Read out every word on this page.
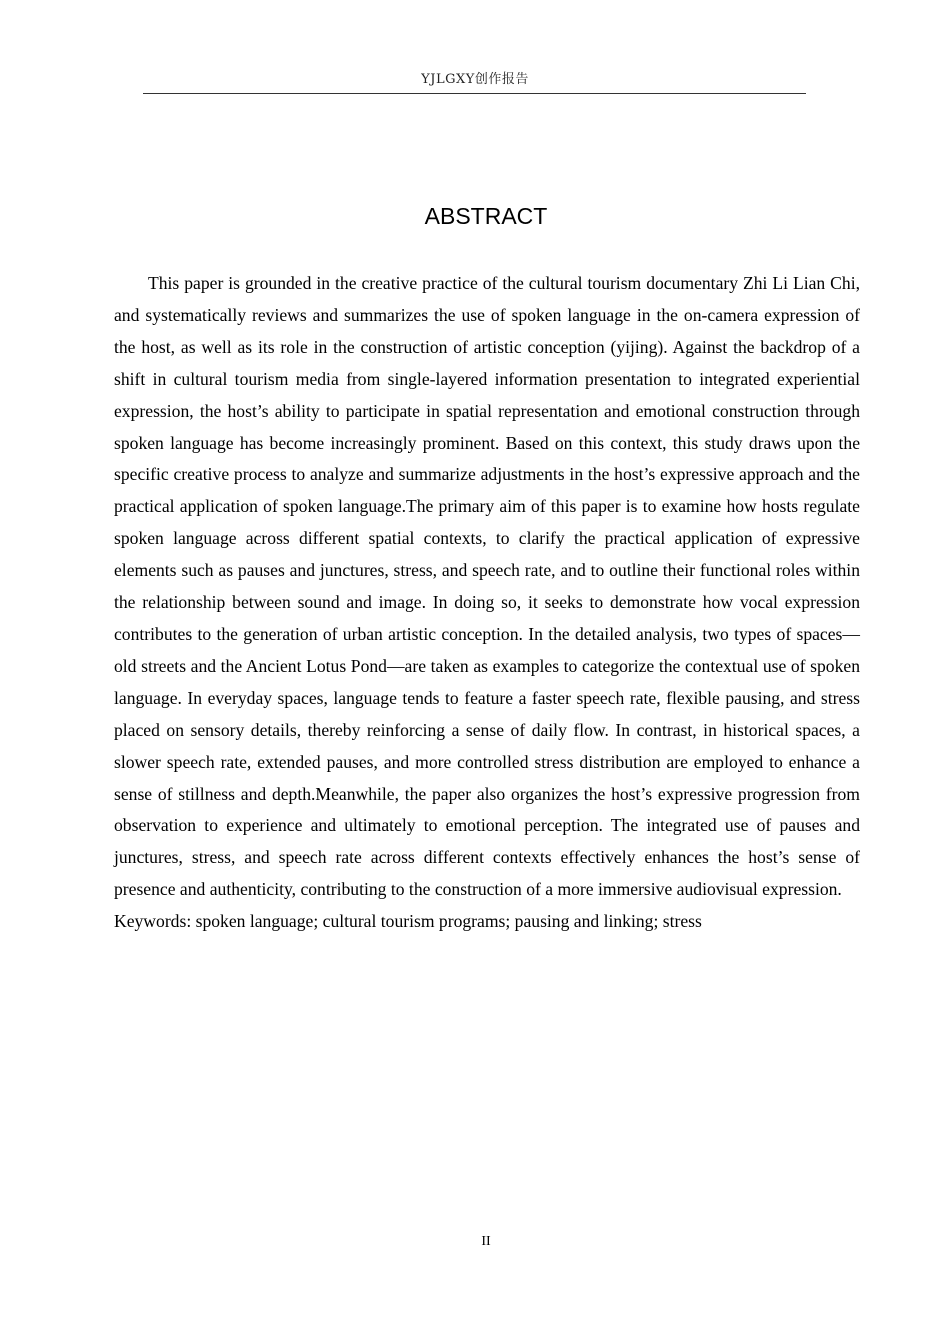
YJLGXY创作报告
ABSTRACT

This paper is grounded in the creative practice of the cultural tourism documentary Zhi Li Lian Chi, and systematically reviews and summarizes the use of spoken language in the on-camera expression of the host, as well as its role in the construction of artistic conception (yijing). Against the backdrop of a shift in cultural tourism media from single-layered information presentation to integrated experiential expression, the host’s ability to participate in spatial representation and emotional construction through spoken language has become increasingly prominent. Based on this context, this study draws upon the specific creative process to analyze and summarize adjustments in the host’s expressive approach and the practical application of spoken language.The primary aim of this paper is to examine how hosts regulate spoken language across different spatial contexts, to clarify the practical application of expressive elements such as pauses and junctures, stress, and speech rate, and to outline their functional roles within the relationship between sound and image. In doing so, it seeks to demonstrate how vocal expression contributes to the generation of urban artistic conception. In the detailed analysis, two types of spaces—old streets and the Ancient Lotus Pond—are taken as examples to categorize the contextual use of spoken language. In everyday spaces, language tends to feature a faster speech rate, flexible pausing, and stress placed on sensory details, thereby reinforcing a sense of daily flow. In contrast, in historical spaces, a slower speech rate, extended pauses, and more controlled stress distribution are employed to enhance a sense of stillness and depth.Meanwhile, the paper also organizes the host’s expressive progression from observation to experience and ultimately to emotional perception. The integrated use of pauses and junctures, stress, and speech rate across different contexts effectively enhances the host’s sense of presence and authenticity, contributing to the construction of a more immersive audiovisual expression.

Keywords: spoken language; cultural tourism programs; pausing and linking; stress

II
